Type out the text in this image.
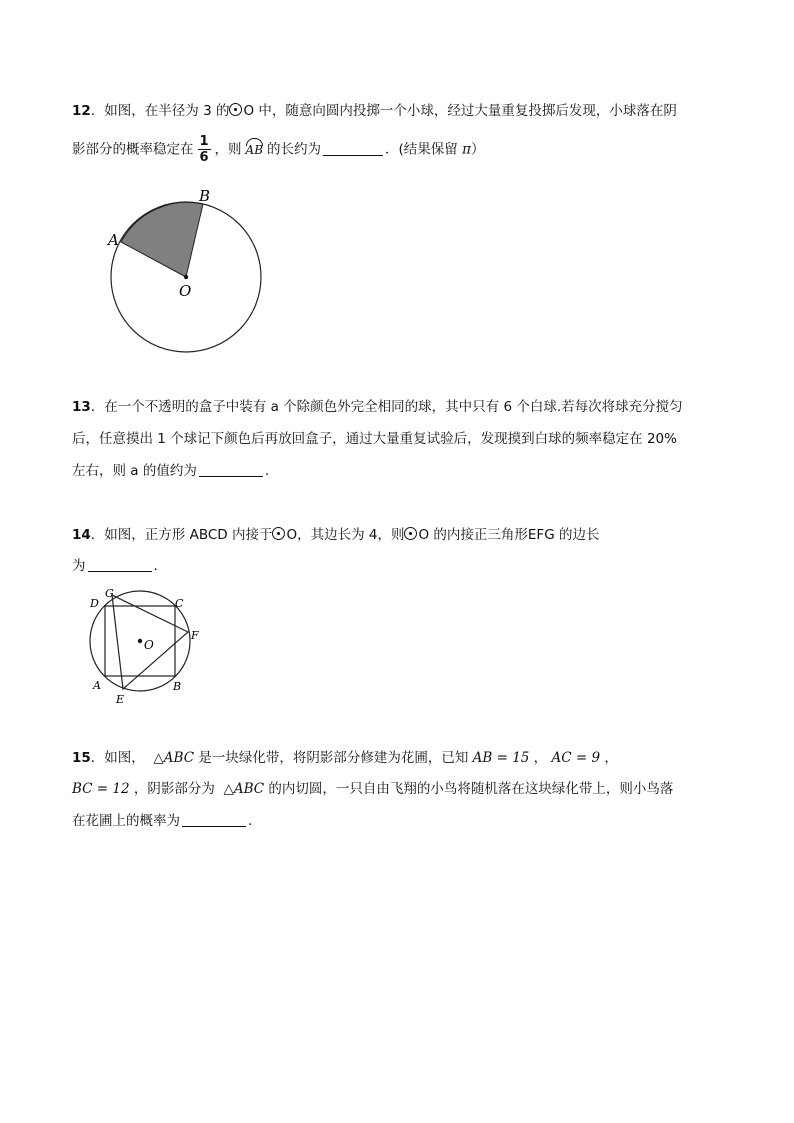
12．如图，在半径为 3 的 O 中，随意向圆内投掷一个小球，经过大量重复投掷后发现，小球落在阴
影部分的概率稳定在 $\frac{1}{6}$ ，则 AB 的长约为	．(结果保留 π）
A
B
O
13．在一个不透明的盒子中装有 a 个除颜色外完全相同的球，其中只有 6 个白球.若每次将球充分搅匀
后，任意摸出 1 个球记下颜色后再放回盒子，通过大量重复试验后，发现摸到白球的频率稳定在 20%
左右，则 a 的值约为	.
14．如图，正方形 ABCD 内接于 O，其边长为 4，则 O 的内接正三角形EFG 的边长
为	．
O
D
G
C
F
A
E
B
15．如图， △ABC 是一块绿化带，将阴影部分修建为花圃，已知 AB = 15 ， AC = 9 ，
BC = 12 ，阴影部分为 △ABC 的内切圆，一只自由飞翔的小鸟将随机落在这块绿化带上，则小鸟落
在花圃上的概率为	.
